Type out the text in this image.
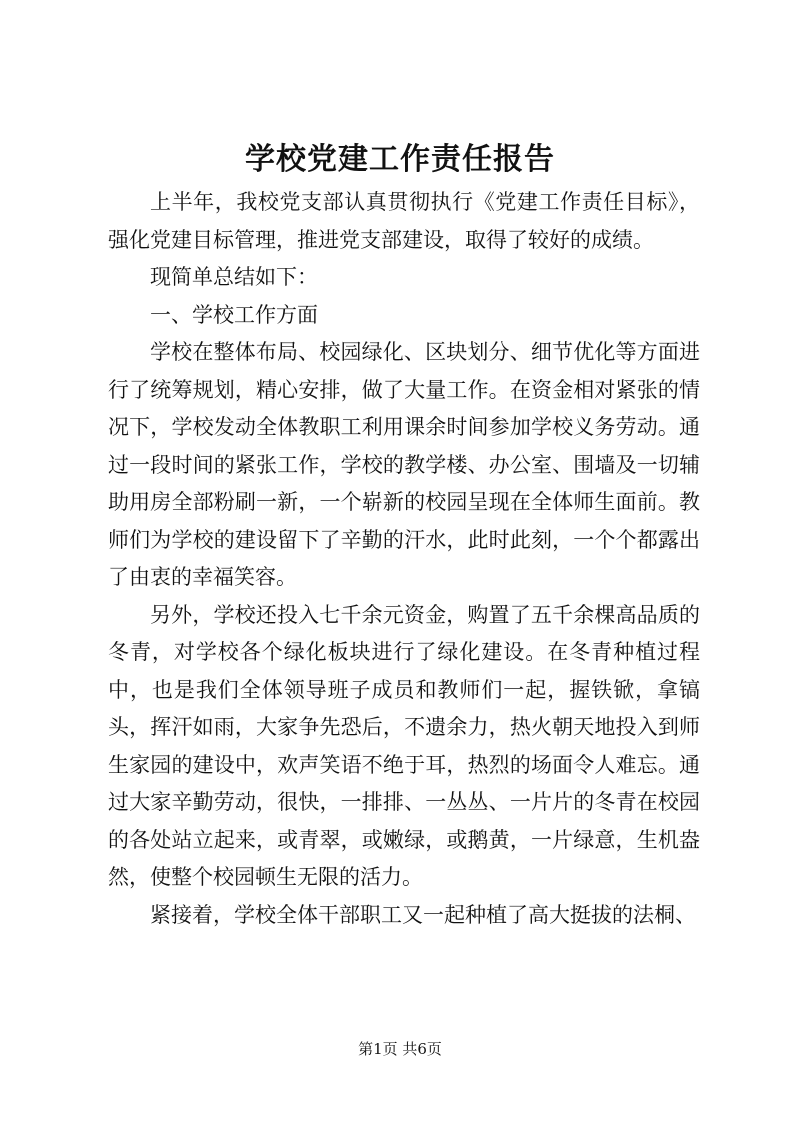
学校党建工作责任报告

上半年，我校党支部认真贯彻执行《党建工作责任目标》，强化党建目标管理，推进党支部建设，取得了较好的成绩。

现简单总结如下：

一、学校工作方面

学校在整体布局、校园绿化、区块划分、细节优化等方面进行了统筹规划，精心安排，做了大量工作。在资金相对紧张的情况下，学校发动全体教职工利用课余时间参加学校义务劳动。通过一段时间的紧张工作，学校的教学楼、办公室、围墙及一切辅助用房全部粉刷一新，一个崭新的校园呈现在全体师生面前。教师们为学校的建设留下了辛勤的汗水，此时此刻，一个个都露出了由衷的幸福笑容。

另外，学校还投入七千余元资金，购置了五千余棵高品质的冬青，对学校各个绿化板块进行了绿化建设。在冬青种植过程中，也是我们全体领导班子成员和教师们一起，握铁锨，拿镐头，挥汗如雨，大家争先恐后，不遗余力，热火朝天地投入到师生家园的建设中，欢声笑语不绝于耳，热烈的场面令人难忘。通过大家辛勤劳动，很快，一排排、一丛丛、一片片的冬青在校园的各处站立起来，或青翠，或嫩绿，或鹅黄，一片绿意，生机盎然，使整个校园顿生无限的活力。

紧接着，学校全体干部职工又一起种植了高大挺拔的法桐、

第1页 共6页
